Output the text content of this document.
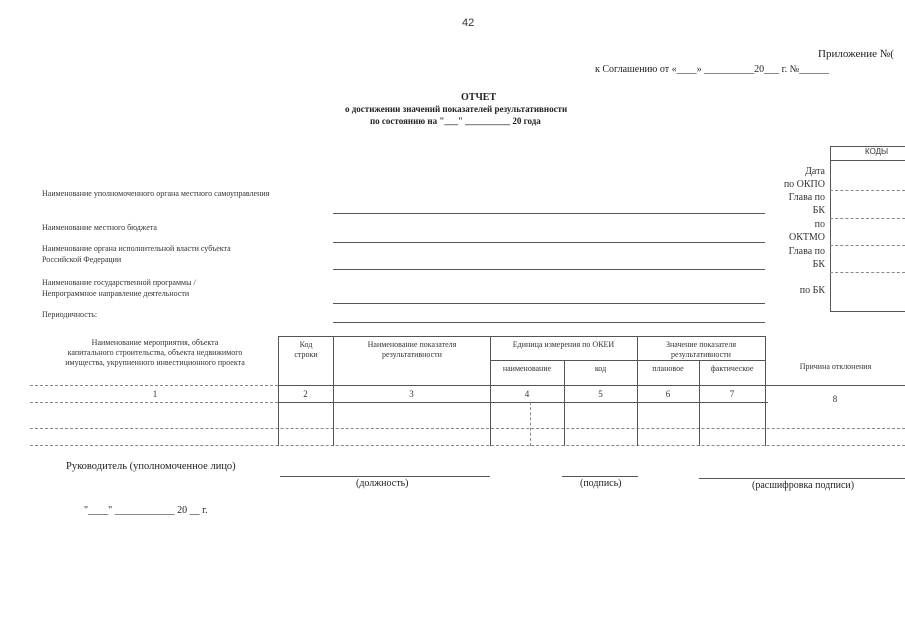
42
Приложение №(
к Соглашению от «____» __________20___ г. №______
ОТЧЕТ
о достижении значений показателей результативности
по состоянию на "___" __________ 20 года
КОДЫ
Дата
по ОКПО
Глава по
БК
по
ОКТМО
Глава по
БК
по БК
Наименование уполномоченного органа местного самоуправления
Наименование местного бюджета
Наименование органа исполнительной власти субъекта
Российской Федерации
Наименование государственной программы /
Непрограммное направление деятельности
Периодичность:
Наименование мероприятия, объекта
капитального строительства, объекта недвижимого
имущества, укрупненного инвестиционного проекта
Код
строки
Наименование показателя
результативности
Единица измерения по ОКЕИ
наименование	код
Значение показателя
результативности
плановое	фактическое	Причина отклонения
1	2	3	4	5	6	7	8
Руководитель (уполномоченное лицо)
(должность)	(подпись)	(расшифровка подписи)
"____" ____________ 20 __ г.
